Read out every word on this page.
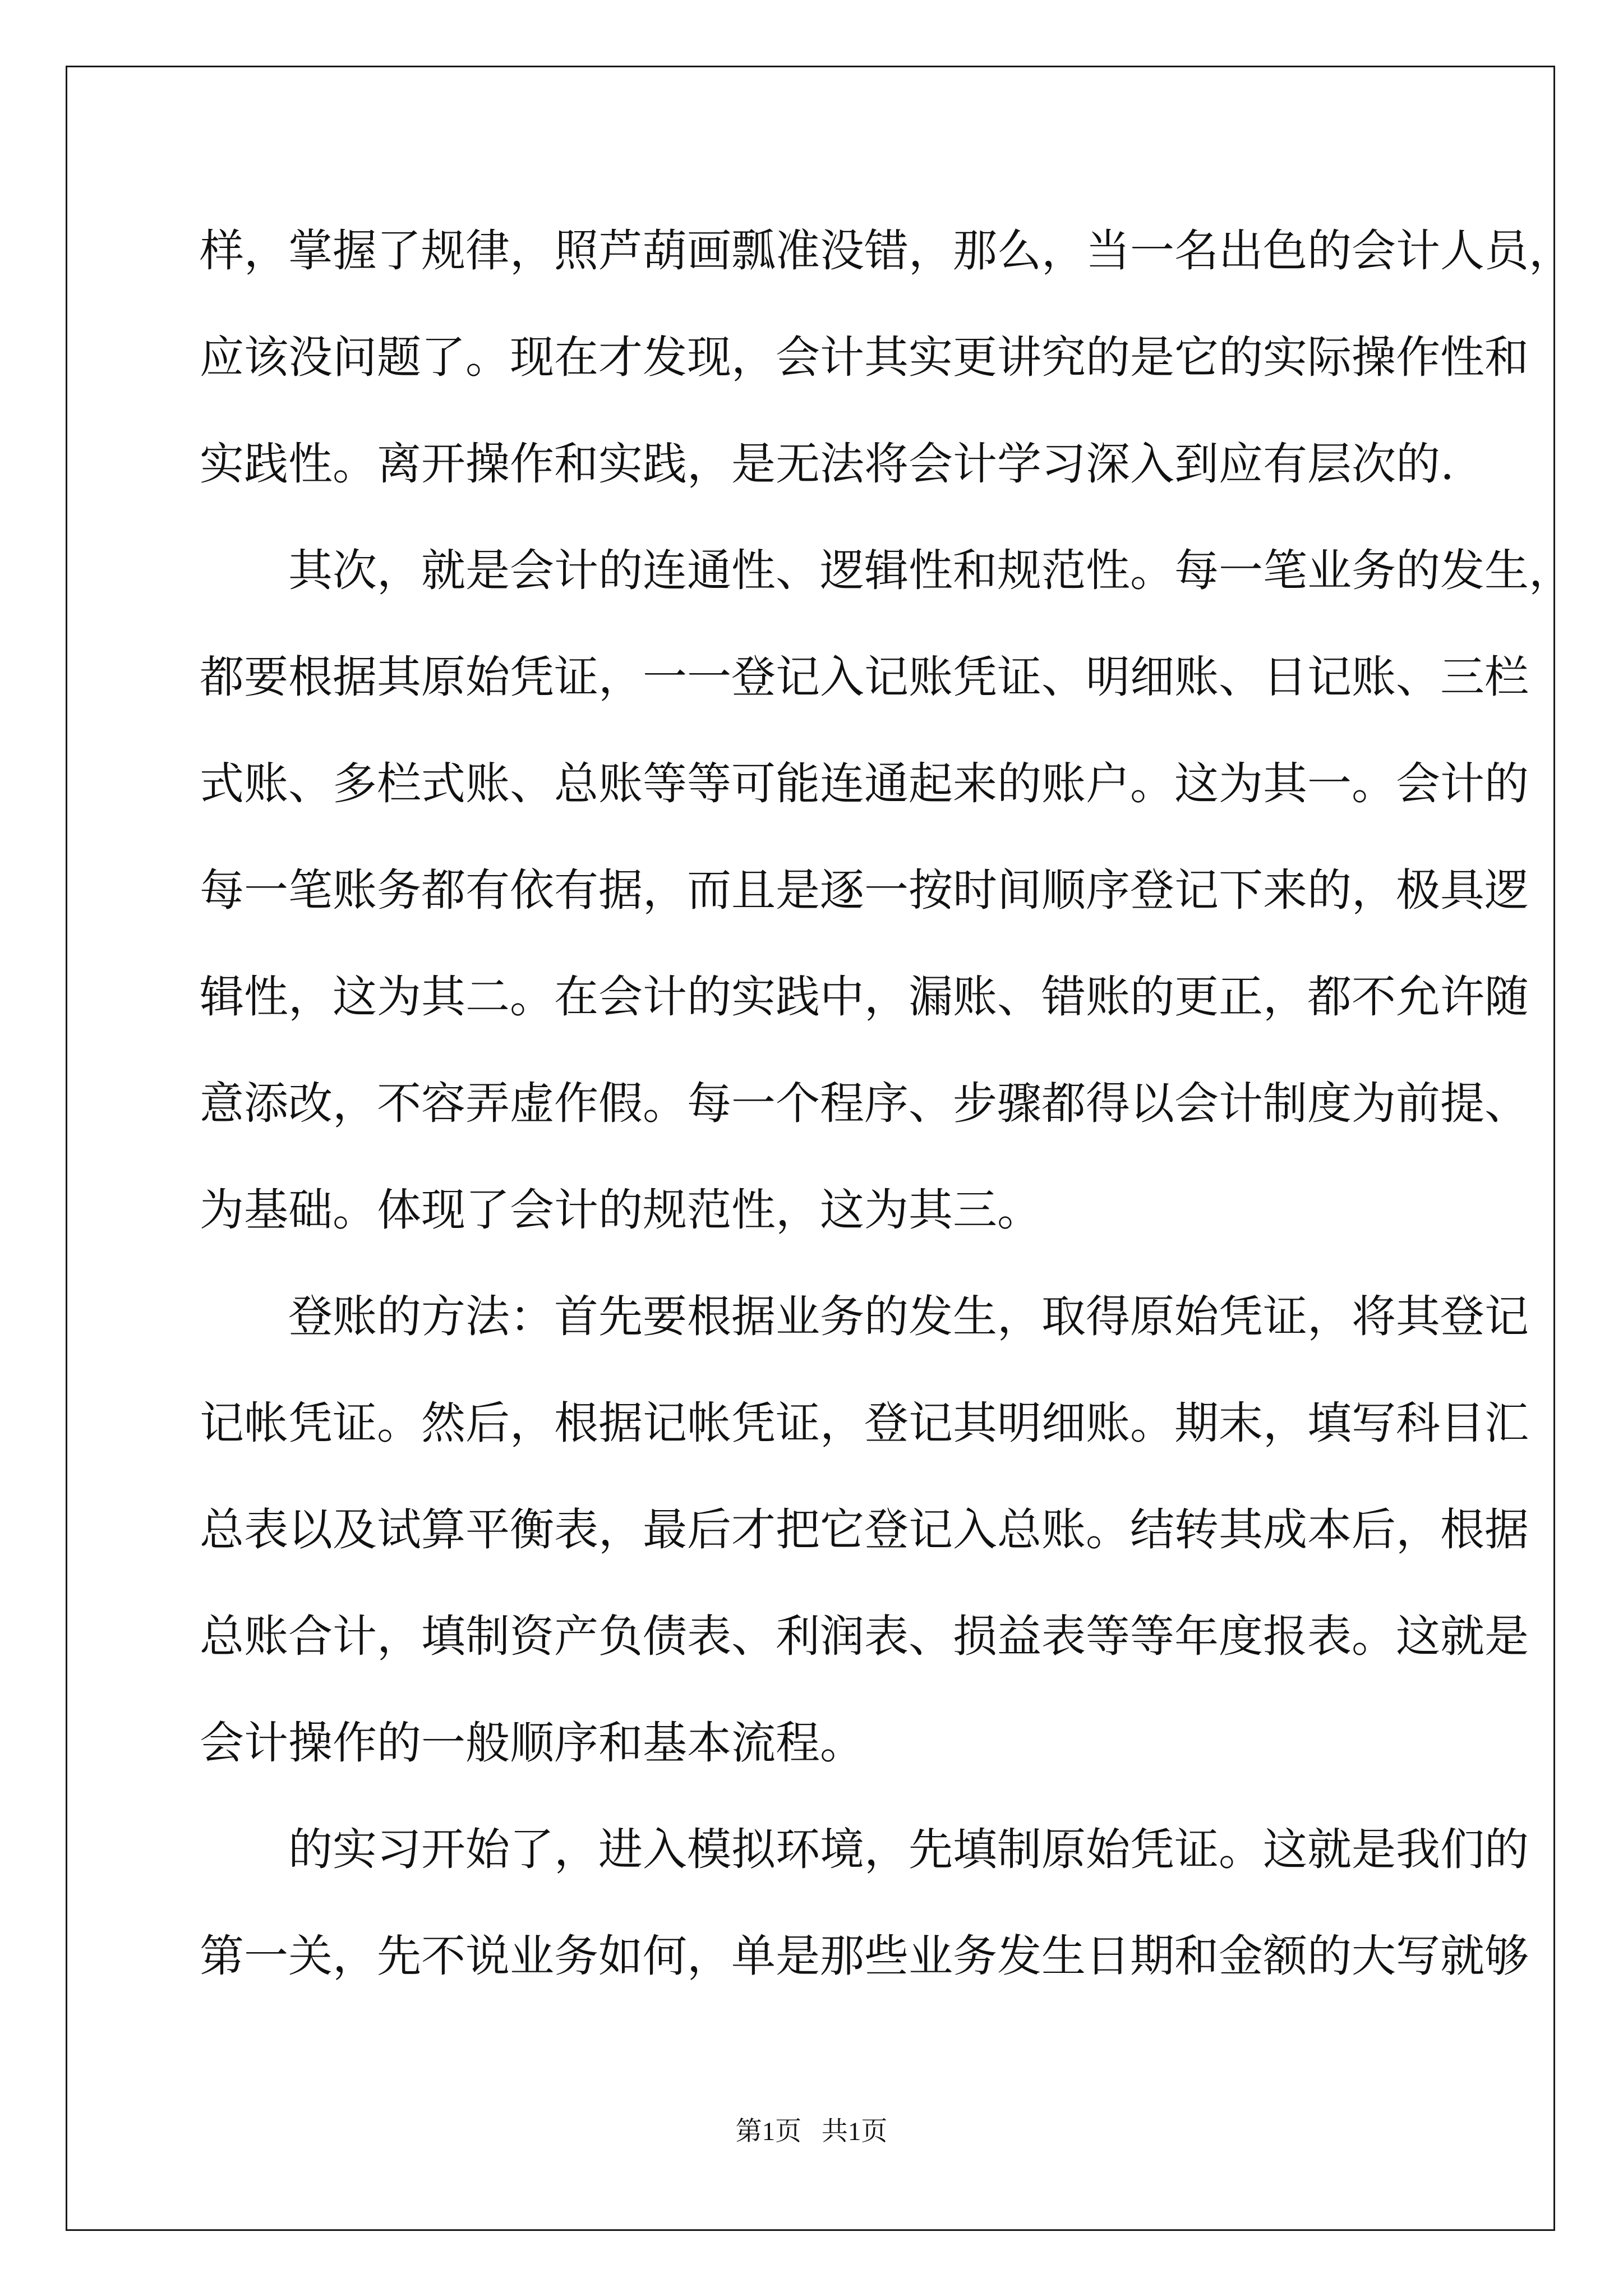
样，掌握了规律，照芦葫画瓢准没错，那么，当一名出色的会计人员，
应该没问题了。现在才发现，会计其实更讲究的是它的实际操作性和
实践性。离开操作和实践，是无法将会计学习深入到应有层次的.
　　其次，就是会计的连通性、逻辑性和规范性。每一笔业务的发生，
都要根据其原始凭证，一一登记入记账凭证、明细账、日记账、三栏
式账、多栏式账、总账等等可能连通起来的账户。这为其一。会计的
每一笔账务都有依有据，而且是逐一按时间顺序登记下来的，极具逻
辑性，这为其二。在会计的实践中，漏账、错账的更正，都不允许随
意添改，不容弄虚作假。每一个程序、步骤都得以会计制度为前提、
为基础。体现了会计的规范性，这为其三。
　　登账的方法：首先要根据业务的发生，取得原始凭证，将其登记
记帐凭证。然后，根据记帐凭证，登记其明细账。期末，填写科目汇
总表以及试算平衡表，最后才把它登记入总账。结转其成本后，根据
总账合计，填制资产负债表、利润表、损益表等等年度报表。这就是
会计操作的一般顺序和基本流程。
　　的实习开始了，进入模拟环境，先填制原始凭证。这就是我们的
第一关，先不说业务如何，单是那些业务发生日期和金额的大写就够
第1页 共1页
